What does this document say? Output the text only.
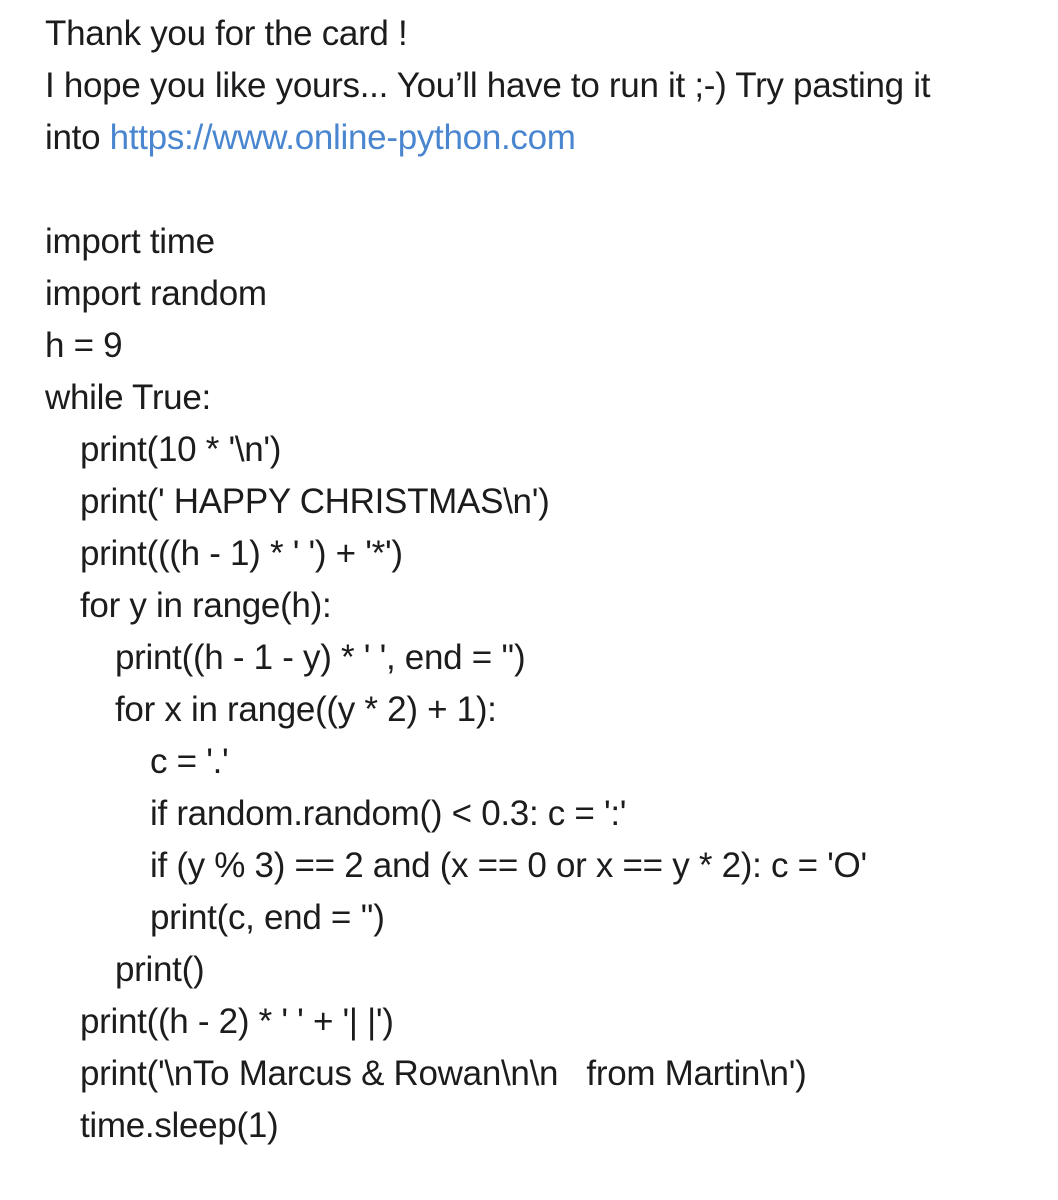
Thank you for the card !
I hope you like yours... You’ll have to run it ;-) Try pasting it
into https://www.online-python.com
import time
import random
h = 9
while True:
print(10 * '\n')
print(' HAPPY CHRISTMAS\n')
print(((h - 1) * ' ') + '*')
for y in range(h):
print((h - 1 - y) * ' ', end = '')
for x in range((y * 2) + 1):
c = '.'
if random.random() < 0.3: c = ':'
if (y % 3) == 2 and (x == 0 or x == y * 2): c = 'O'
print(c, end = '')
print()
print((h - 2) * ' ' + '| |')
print('\nTo Marcus & Rowan\n\n   from Martin\n')
time.sleep(1)
